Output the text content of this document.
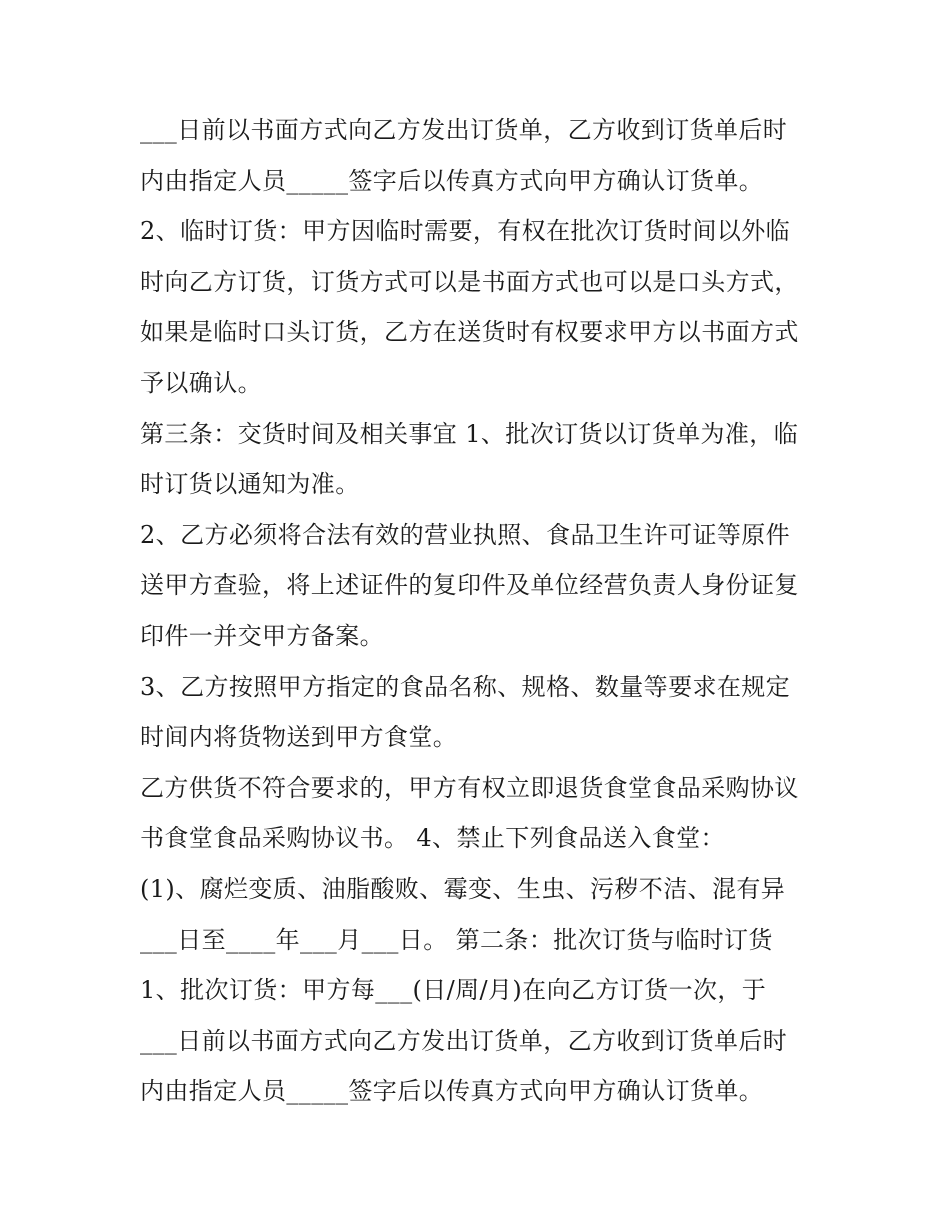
___日前以书面方式向乙方发出订货单，乙方收到订货单后时
内由指定人员_____签字后以传真方式向甲方确认订货单。
2、临时订货：甲方因临时需要，有权在批次订货时间以外临
时向乙方订货，订货方式可以是书面方式也可以是口头方式，
如果是临时口头订货，乙方在送货时有权要求甲方以书面方式
予以确认。
第三条：交货时间及相关事宜 1、批次订货以订货单为准，临
时订货以通知为准。
2、乙方必须将合法有效的营业执照、食品卫生许可证等原件
送甲方查验，将上述证件的复印件及单位经营负责人身份证复
印件一并交甲方备案。
3、乙方按照甲方指定的食品名称、规格、数量等要求在规定
时间内将货物送到甲方食堂。
乙方供货不符合要求的，甲方有权立即退货食堂食品采购协议
书食堂食品采购协议书。 4、禁止下列食品送入食堂：
(1)、腐烂变质、油脂酸败、霉变、生虫、污秽不洁、混有异
___日至____年___月___日。 第二条：批次订货与临时订货
1、批次订货：甲方每___(日/周/月)在向乙方订货一次，于
___日前以书面方式向乙方发出订货单，乙方收到订货单后时
内由指定人员_____签字后以传真方式向甲方确认订货单。
